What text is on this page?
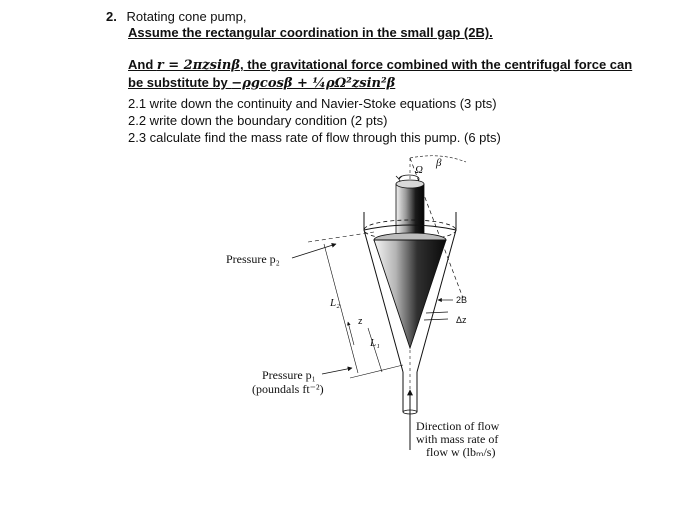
2. Rotating cone pump,
Assume the rectangular coordination in the small gap (2B).
And r = 2πzsinβ, the gravitational force combined with the centrifugal force can
be substitute by −ρgcosβ + ¼ρΩ²zsin²β
2.1 write down the continuity and Navier-Stoke equations (3 pts)
2.2 write down the boundary condition (2 pts)
2.3 calculate find the mass rate of flow through this pump. (6 pts)
β
Ω
Pressure p₂
L₂
z
L₁
2B
Δz
Pressure p₁
(poundals ft⁻²)
Direction of flow
with mass rate of
flow w (lbₘ/s)
